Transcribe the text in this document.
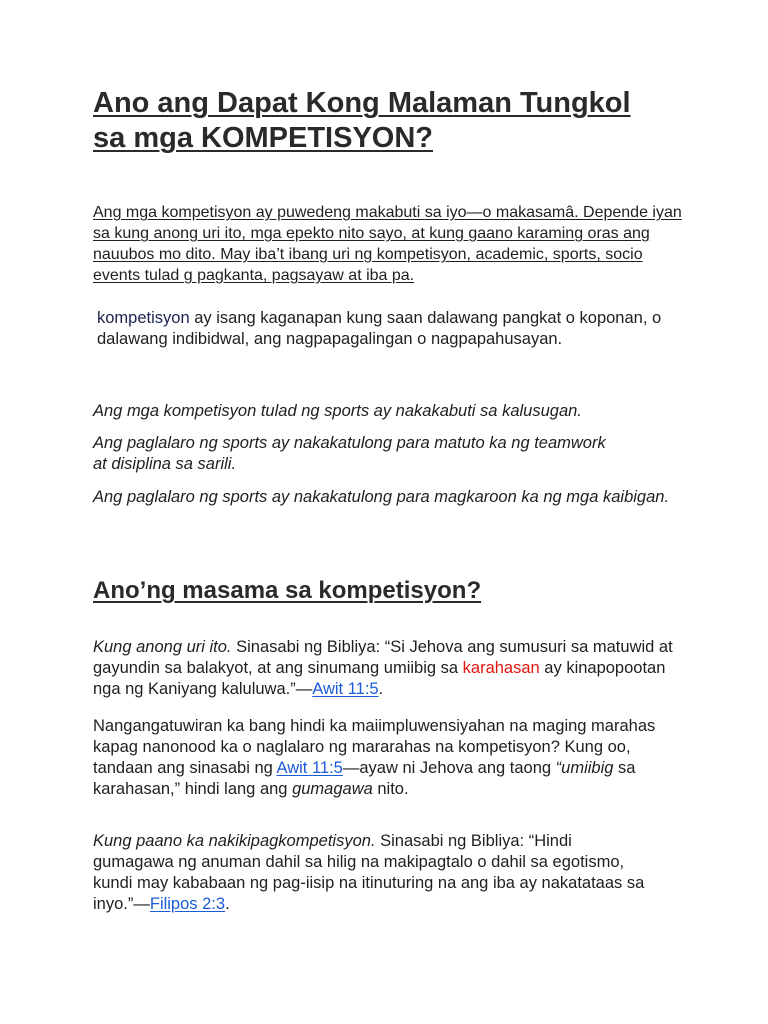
Ano ang Dapat Kong Malaman Tungkol sa mga KOMPETISYON?

Ang mga kompetisyon ay puwedeng makabuti sa iyo—o makasamâ. Depende iyan sa kung anong uri ito, mga epekto nito sayo, at kung gaano karaming oras ang nauubos mo dito. May iba’t ibang uri ng kompetisyon, academic, sports, socio events tulad g pagkanta, pagsayaw at iba pa.

kompetisyon ay isang kaganapan kung saan dalawang pangkat o koponan, o dalawang indibidwal, ang nagpapagalingan o nagpapahusayan.

Ang mga kompetisyon tulad ng sports ay nakakabuti sa kalusugan.

Ang paglalaro ng sports ay nakakatulong para matuto ka ng teamwork at disiplina sa sarili.

Ang paglalaro ng sports ay nakakatulong para magkaroon ka ng mga kaibigan.

Ano’ng masama sa kompetisyon?

Kung anong uri ito. Sinasabi ng Bibliya: “Si Jehova ang sumusuri sa matuwid at gayundin sa balakyot, at ang sinumang umiibig sa karahasan ay kinapopootan nga ng Kaniyang kaluluwa.”—Awit 11:5.

Nangangatuwiran ka bang hindi ka maiimpluwensiyahan na maging marahas kapag nanonood ka o naglalaro ng mararahas na kompetisyon? Kung oo, tandaan ang sinasabi ng Awit 11:5—ayaw ni Jehova ang taong “umiibig sa karahasan,” hindi lang ang gumagawa nito.

Kung paano ka nakikipagkompetisyon. Sinasabi ng Bibliya: “Hindi gumagawa ng anuman dahil sa hilig na makipagtalo o dahil sa egotismo, kundi may kababaan ng pag-iisip na itinuturing na ang iba ay nakatataas sa inyo.”—Filipos 2:3.
